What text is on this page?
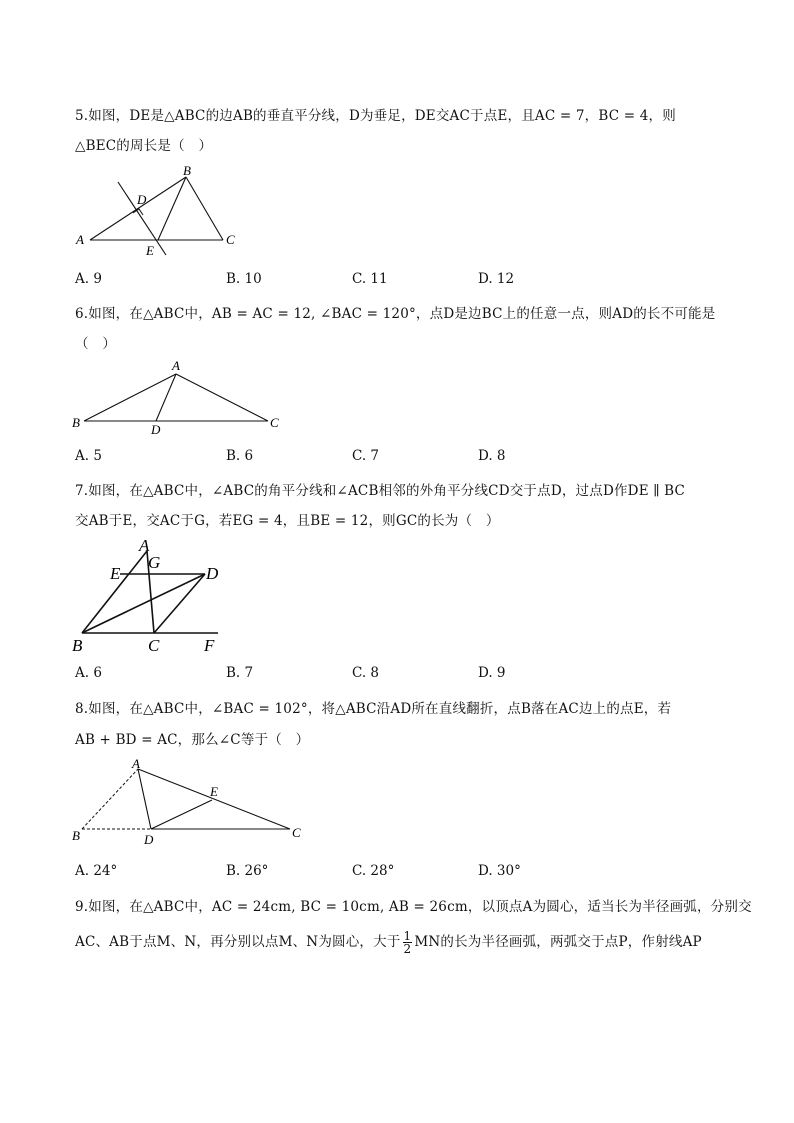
5.如图，DE是△ABC的边AB的垂直平分线，D为垂足，DE交AC于点E，且AC = 7，BC = 4，则
△BEC的周长是（　）
A
B
C
D
E
A. 9	B. 10	C. 11	D. 12
6.如图，在△ABC中，AB = AC = 12, ∠BAC = 120°，点D是边BC上的任意一点，则AD的长不可能是
（　）
A
B	C
D
A. 5	B. 6	C. 7	D. 8
7.如图，在△ABC中，∠ABC的角平分线和∠ACB相邻的外角平分线CD交于点D，过点D作DE ∥ BC
交AB于E，交AC于G，若EG = 4，且BE = 12，则GC的长为（　）
A
B	C
D
E
F
G
A. 6	B. 7	C. 8	D. 9
8.如图，在△ABC中，∠BAC = 102°，将△ABC沿AD所在直线翻折，点B落在AC边上的点E，若
AB + BD = AC，那么∠C等于（　）
A
B	C
D
E
A. 24°	B. 26°	C. 28°	D. 30°
9.如图，在△ABC中，AC = 24cm, BC = 10cm, AB = 26cm，以顶点A为圆心，适当长为半径画弧，分别交
AC、AB于点M、N，再分别以点M、N为圆心，大于 $\frac{1}{2}$ MN的长为半径画弧，两弧交于点P，作射线AP
